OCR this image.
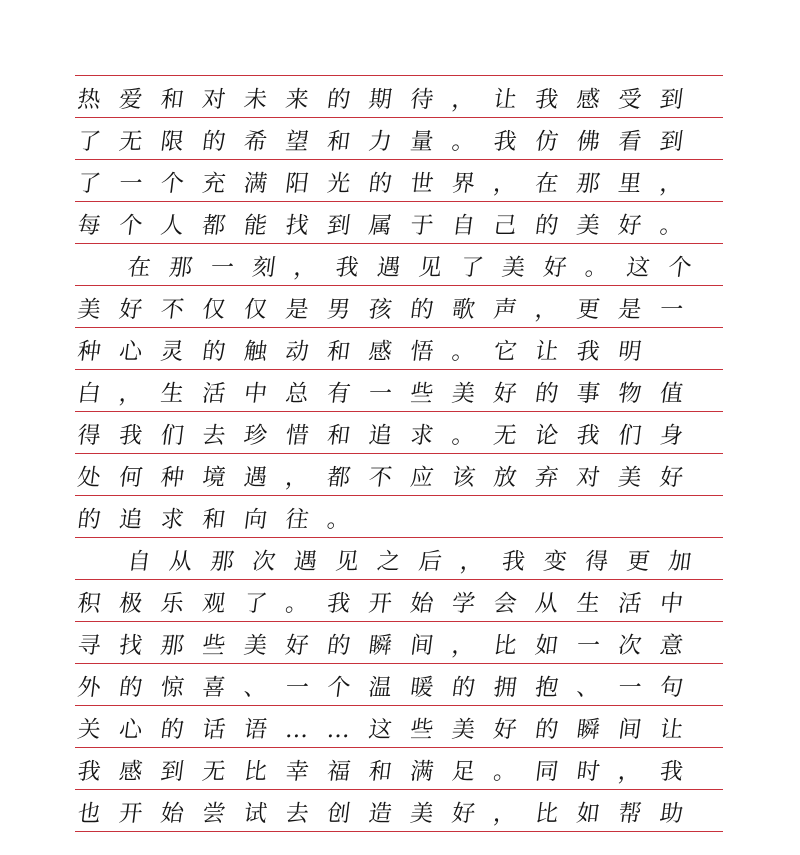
热爱和对未来的期待，让我感受到
了无限的希望和力量。我仿佛看到
了一个充满阳光的世界，在那里，
每个人都能找到属于自己的美好。
在那一刻，我遇见了美好。这个
美好不仅仅是男孩的歌声，更是一
种心灵的触动和感悟。它让我明
白，生活中总有一些美好的事物值
得我们去珍惜和追求。无论我们身
处何种境遇，都不应该放弃对美好
的追求和向往。
自从那次遇见之后，我变得更加
积极乐观了。我开始学会从生活中
寻找那些美好的瞬间，比如一次意
外的惊喜、一个温暖的拥抱、一句
关心的话语……这些美好的瞬间让
我感到无比幸福和满足。同时，我
也开始尝试去创造美好，比如帮助
